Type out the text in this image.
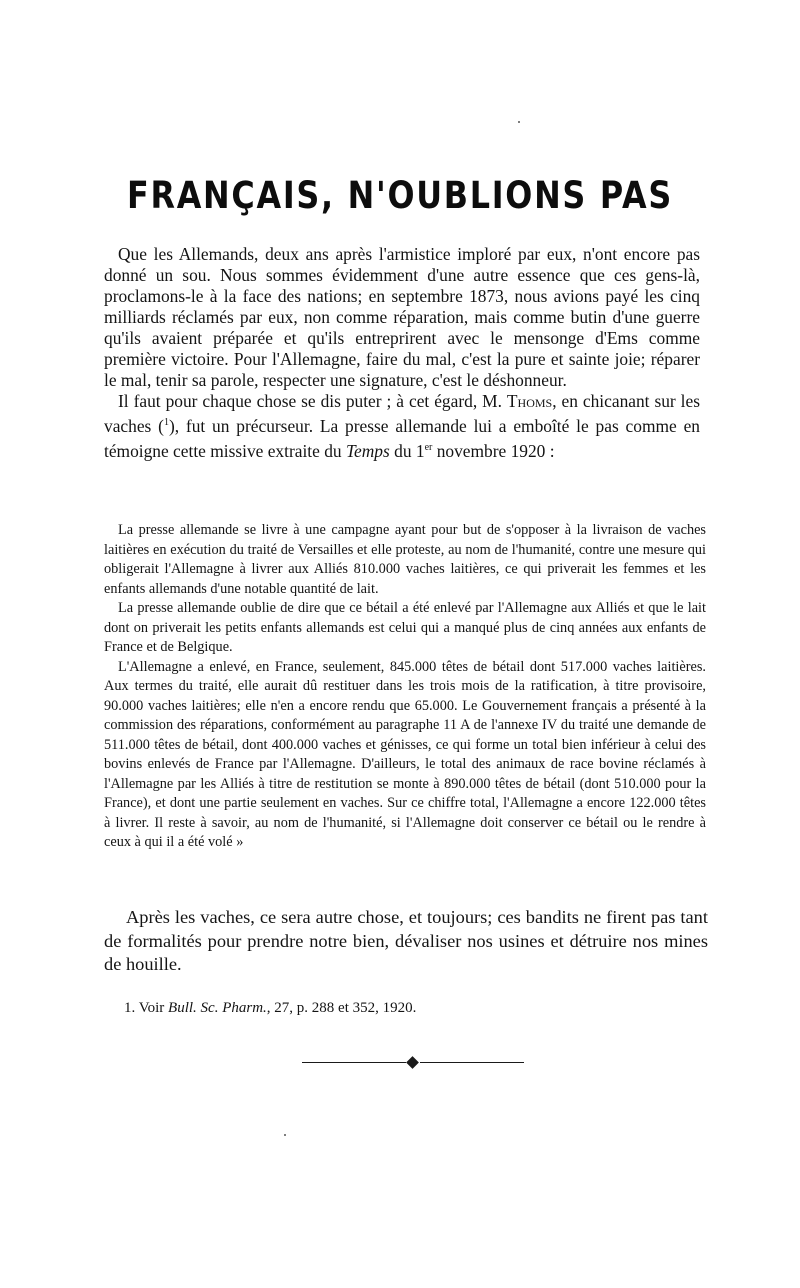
FRANÇAIS, N'OUBLIONS PAS

Que les Allemands, deux ans après l'armistice imploré par eux, n'ont encore pas donné un sou. Nous sommes évidemment d'une autre essence que ces gens-là, proclamons-le à la face des nations; en septembre 1873, nous avions payé les cinq milliards réclamés par eux, non comme réparation, mais comme butin d'une guerre qu'ils avaient préparée et qu'ils entreprirent avec le mensonge d'Ems comme première victoire. Pour l'Allemagne, faire du mal, c'est la pure et sainte joie; réparer le mal, tenir sa parole, respecter une signature, c'est le déshonneur.

Il faut pour chaque chose se dis puter ; à cet égard, M. Thoms, en chicanant sur les vaches ($^1$), fut un précurseur. La presse allemande lui a emboîté le pas comme en témoigne cette missive extraite du Temps du 1er novembre 1920 :

La presse allemande se livre à une campagne ayant pour but de s'opposer à la livraison de vaches laitières en exécution du traité de Versailles et elle proteste, au nom de l'humanité, contre une mesure qui obligerait l'Allemagne à livrer aux Alliés 810.000 vaches laitières, ce qui priverait les femmes et les enfants allemands d'une notable quantité de lait.

La presse allemande oublie de dire que ce bétail a été enlevé par l'Allemagne aux Alliés et que le lait dont on priverait les petits enfants allemands est celui qui a manqué plus de cinq années aux enfants de France et de Belgique.

L'Allemagne a enlevé, en France, seulement, 845.000 têtes de bétail dont 517.000 vaches laitières. Aux termes du traité, elle aurait dû restituer dans les trois mois de la ratification, à titre provisoire, 90.000 vaches laitières; elle n'en a encore rendu que 65.000. Le Gouvernement français a présenté à la commission des réparations, conformément au paragraphe 11 A de l'annexe IV du traité une demande de 511.000 têtes de bétail, dont 400.000 vaches et génisses, ce qui forme un total bien inférieur à celui des bovins enlevés de France par l'Allemagne. D'ailleurs, le total des animaux de race bovine réclamés à l'Allemagne par les Alliés à titre de restitution se monte à 890.000 têtes de bétail (dont 510.000 pour la France), et dont une partie seulement en vaches. Sur ce chiffre total, l'Allemagne a encore 122.000 têtes à livrer. Il reste à savoir, au nom de l'humanité, si l'Allemagne doit conserver ce bétail ou le rendre à ceux à qui il a été volé »

Après les vaches, ce sera autre chose, et toujours; ces bandits ne firent pas tant de formalités pour prendre notre bien, dévaliser nos usines et détruire nos mines de houille.

1. Voir Bull. Sc. Pharm., 27, p. 288 et 352, 1920.
